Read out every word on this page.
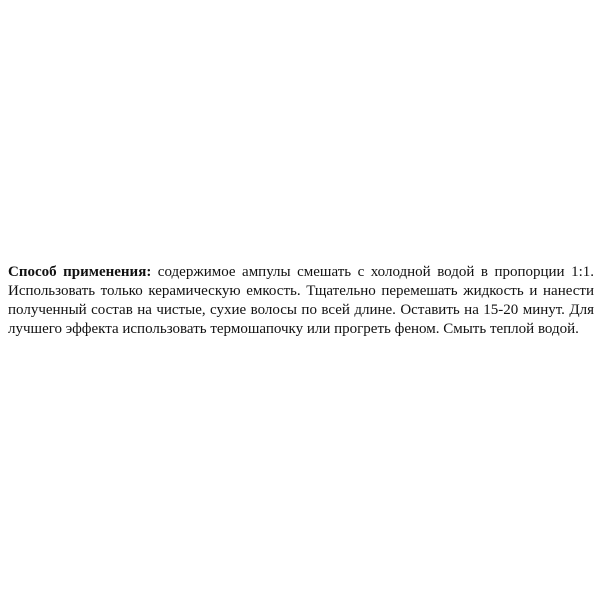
Способ применения: содержимое ампулы смешать с холодной водой в пропорции 1:1. Использовать только керамическую емкость. Тщательно перемешать жидкость и нанести полученный состав на чистые, сухие волосы по всей длине. Оставить на 15-20 минут. Для лучшего эффекта использовать термошапочку или прогреть феном. Смыть теплой водой.
